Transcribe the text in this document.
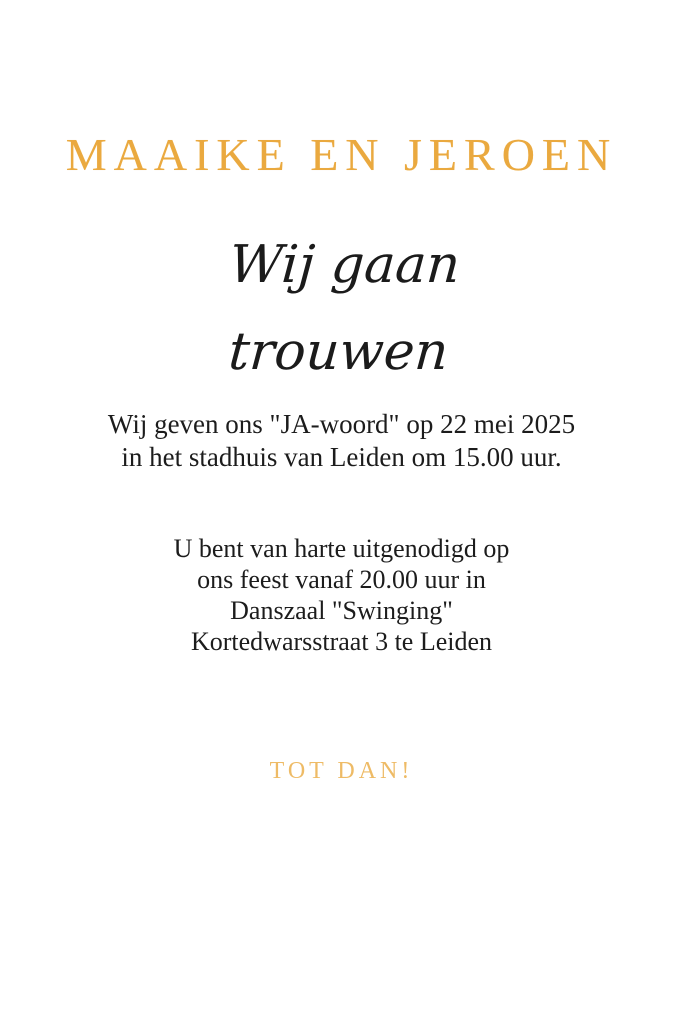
MAAIKE EN JEROEN
Wij gaan
trouwen
Wij geven ons "JA-woord" op 22 mei 2025
in het stadhuis van Leiden om 15.00 uur.
U bent van harte uitgenodigd op
ons feest vanaf 20.00 uur in
Danszaal "Swinging"
Kortedwarsstraat 3 te Leiden
TOT DAN!
